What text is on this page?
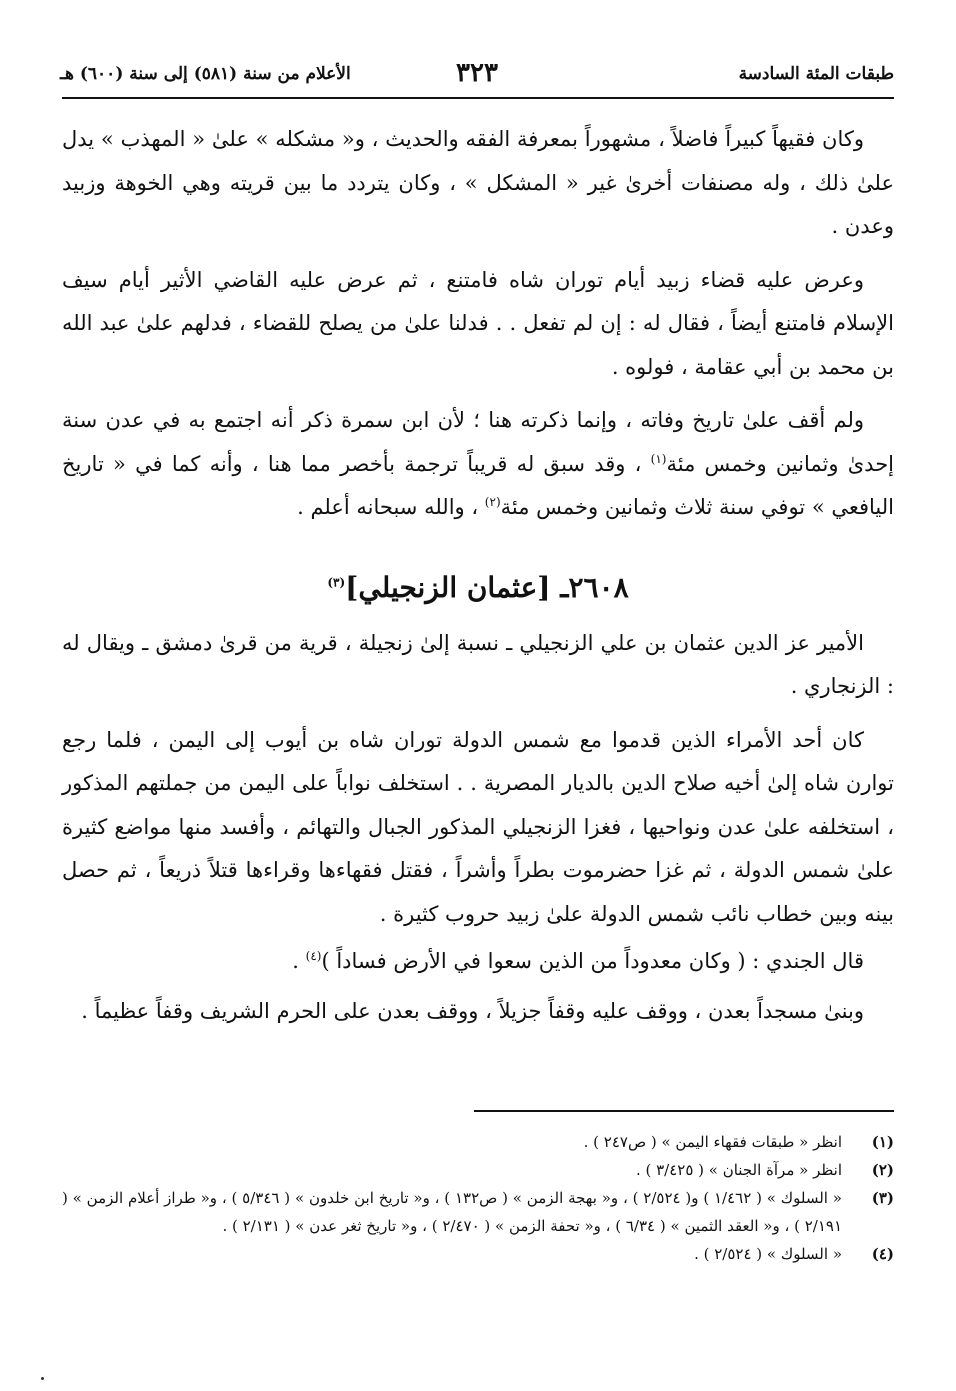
طبقات المئة السادسة
٣٢٣
الأعلام من سنة (٥٨١) إلى سنة (٦٠٠) هـ

وكان فقيهاً كبيراً فاضلاً ، مشهوراً بمعرفة الفقه والحديث ، و« مشكله » علىٰ « المهذب » يدل علىٰ ذلك ، وله مصنفات أخرىٰ غير « المشكل » ، وكان يتردد ما بين قريته وهي الخوهة وزبيد وعدن .

وعرض عليه قضاء زبيد أيام توران شاه فامتنع ، ثم عرض عليه القاضي الأثير أيام سيف الإسلام فامتنع أيضاً ، فقال له : إن لم تفعل . . فدلنا علىٰ من يصلح للقضاء ، فدلهم علىٰ عبد الله بن محمد بن أبي عقامة ، فولوه .

ولم أقف علىٰ تاريخ وفاته ، وإنما ذكرته هنا ؛ لأن ابن سمرة ذكر أنه اجتمع به في عدن سنة إحدىٰ وثمانين وخمس مئة$^{(١)}$ ، وقد سبق له قريباً ترجمة بأخصر مما هنا ، وأنه كما في « تاريخ اليافعي » توفي سنة ثلاث وثمانين وخمس مئة$^{(٢)}$ ، والله سبحانه أعلم .

٢٦٠٨ـ [عثمان الزنجيلي]$^{(٣)}$

الأمير عز الدين عثمان بن علي الزنجيلي ـ نسبة إلىٰ زنجيلة ، قرية من قرىٰ دمشق ـ ويقال له : الزنجاري .

كان أحد الأمراء الذين قدموا مع شمس الدولة توران شاه بن أيوب إلى اليمن ، فلما رجع توارن شاه إلىٰ أخيه صلاح الدين بالديار المصرية . . استخلف نواباً على اليمن من جملتهم المذكور ، استخلفه علىٰ عدن ونواحيها ، فغزا الزنجيلي المذكور الجبال والتهائم ، وأفسد منها مواضع كثيرة علىٰ شمس الدولة ، ثم غزا حضرموت بطراً وأشراً ، فقتل فقهاءها وقراءها قتلاً ذريعاً ، ثم حصل بينه وبين خطاب نائب شمس الدولة علىٰ زبيد حروب كثيرة .

قال الجندي : ( وكان معدوداً من الذين سعوا في الأرض فساداً )$^{(٤)}$ .

وبنىٰ مسجداً بعدن ، ووقف عليه وقفاً جزيلاً ، ووقف بعدن على الحرم الشريف وقفاً عظيماً .

(١)
انظر « طبقات فقهاء اليمن » ( ص٢٤٧ ) .
(٢)
انظر « مرآة الجنان » ( ٣/٤٢٥ ) .
(٣)
« السلوك » ( ١/٤٦٢ ) و( ٢/٥٢٤ ) ، و« بهجة الزمن » ( ص١٣٢ ) ، و« تاريخ ابن خلدون » ( ٥/٣٤٦ ) ، و« طراز أعلام الزمن » ( ٢/١٩١ ) ، و« العقد الثمين » ( ٦/٣٤ ) ، و« تحفة الزمن » ( ٢/٤٧٠ ) ، و« تاريخ ثغر عدن » ( ٢/١٣١ ) .
(٤)
« السلوك » ( ٢/٥٢٤ ) .
